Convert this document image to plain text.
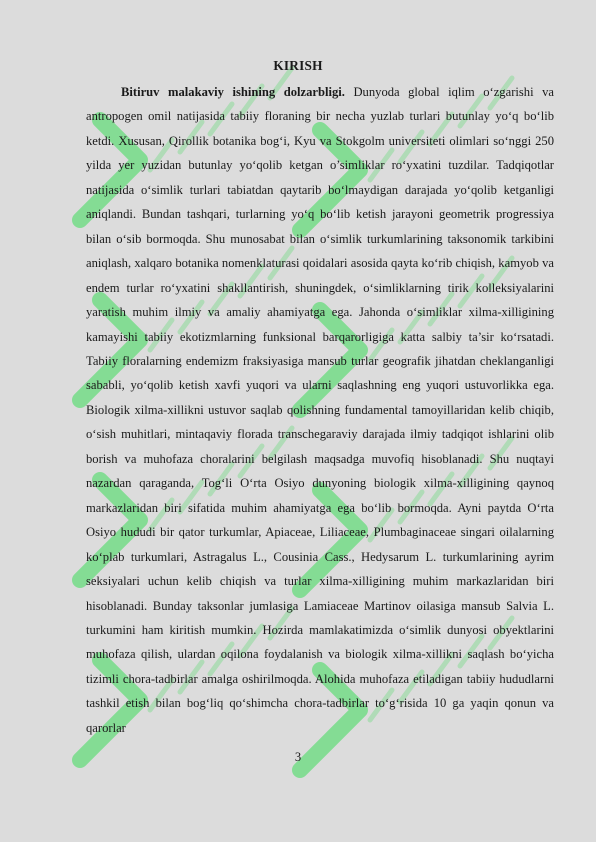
KIRISH

Bitiruv malakaviy ishining dolzarbligi. Dunyoda global iqlim o‘zgarishi va antropogen omil natijasida tabiiy floraning bir necha yuzlab turlari butunlay yo‘q bo‘lib ketdi. Xususan, Qirollik botanika bog‘i, Kyu va Stokgolm universiteti olimlari so‘nggi 250 yilda yer yuzidan butunlay yo‘qolib ketgan o’simliklar ro‘yxatini tuzdilar. Tadqiqotlar natijasida o‘simlik turlari tabiatdan qaytarib bo‘lmaydigan darajada yo‘qolib ketganligi aniqlandi. Bundan tashqari, turlarning yo‘q bo‘lib ketish jarayoni geometrik progressiya bilan o‘sib bormoqda. Shu munosabat bilan o‘simlik turkumlarining taksonomik tarkibini aniqlash, xalqaro botanika nomenklaturasi qoidalari asosida qayta ko‘rib chiqish, kamyob va endem turlar ro‘yxatini shakllantirish, shuningdek, o‘simliklarning tirik kolleksiyalarini yaratish muhim ilmiy va amaliy ahamiyatga ega. Jahonda o‘simliklar xilma-xilligining kamayishi tabiiy ekotizmlarning funksional barqarorligiga katta salbiy ta’sir ko‘rsatadi. Tabiiy floralarning endemizm fraksiyasiga mansub turlar geografik jihatdan cheklanganligi sababli, yo‘qolib ketish xavfi yuqori va ularni saqlashning eng yuqori ustuvorlikka ega. Biologik xilma-xillikni ustuvor saqlab qolishning fundamental tamoyillaridan kelib chiqib, o‘sish muhitlari, mintaqaviy florada transchegaraviy darajada ilmiy tadqiqot ishlarini olib borish va muhofaza choralarini belgilash maqsadga muvofiq hisoblanadi. Shu nuqtayi nazardan qaraganda, Tog‘li O‘rta Osiyo dunyoning biologik xilma-xilligining qaynoq markazlaridan biri sifatida muhim ahamiyatga ega bo‘lib bormoqda. Ayni paytda O‘rta Osiyo hududi bir qator turkumlar, Apiaceae, Liliaceae, Plumbaginaceae singari oilalarning ko‘plab turkumlari, Astragalus L., Cousinia Cass., Hedysarum L. turkumlarining ayrim seksiyalari uchun kelib chiqish va turlar xilma-xilligining muhim markazlaridan biri hisoblanadi. Bunday taksonlar jumlasiga Lamiaceae Martinov oilasiga mansub Salvia L. turkumini ham kiritish mumkin. Hozirda mamlakatimizda o‘simlik dunyosi obyektlarini muhofaza qilish, ulardan oqilona foydalanish va biologik xilma-xillikni saqlash bo‘yicha tizimli chora-tadbirlar amalga oshirilmoqda. Alohida muhofaza etiladigan tabiiy hududlarni tashkil etish bilan bog‘liq qo‘shimcha chora-tadbirlar to‘g‘risida 10 ga yaqin qonun va qarorlar

3
